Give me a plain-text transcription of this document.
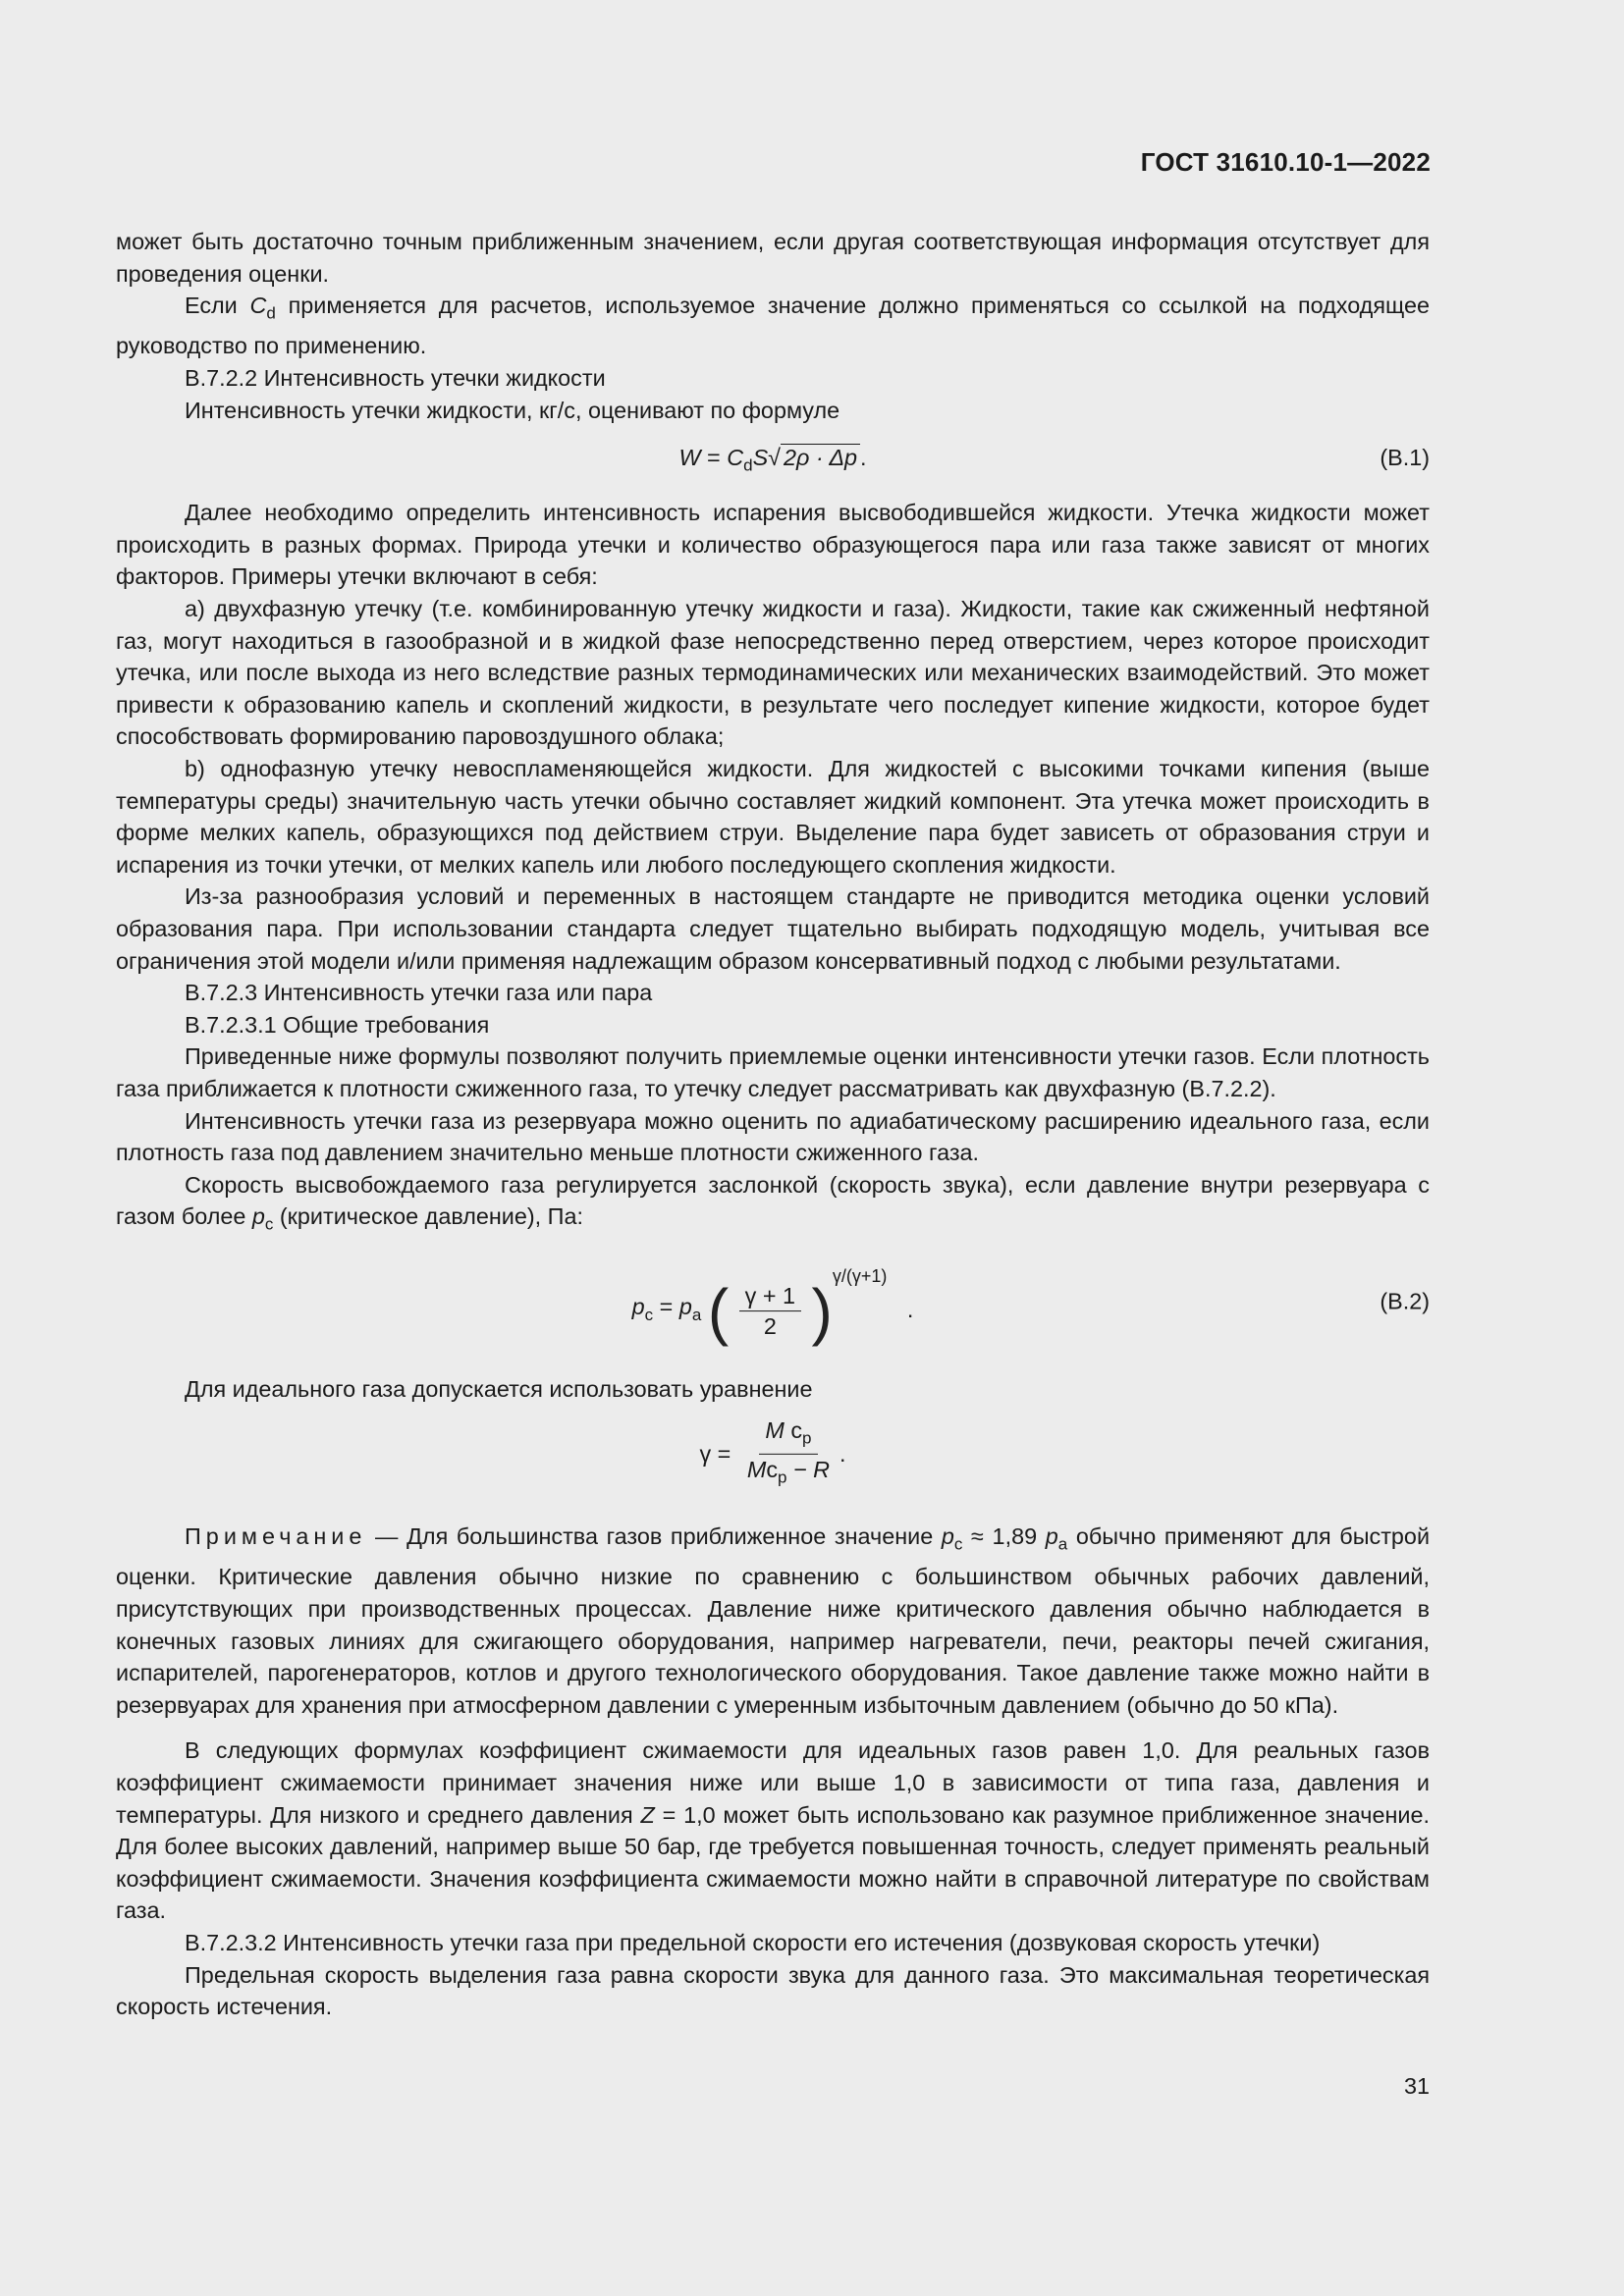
ГОСТ 31610.10-1—2022

может быть достаточно точным приближенным значением, если другая соответствующая информация отсутствует для проведения оценки.

Если $C_d$ применяется для расчетов, используемое значение должно применяться со ссылкой на подходящее руководство по применению.

B.7.2.2 Интенсивность утечки жидкости

Интенсивность утечки жидкости, кг/с, оценивают по формуле

$W = C_dS√$ 2ρ · Δp .	(B.1)

Далее необходимо определить интенсивность испарения высвободившейся жидкости. Утечка жидкости может происходить в разных формах. Природа утечки и количество образующегося пара или газа также зависят от многих факторов. Примеры утечки включают в себя:

a) двухфазную утечку (т.е. комбинированную утечку жидкости и газа). Жидкости, такие как сжиженный нефтяной газ, могут находиться в газообразной и в жидкой фазе непосредственно перед отверстием, через которое происходит утечка, или после выхода из него вследствие разных термодинамических или механических взаимодействий. Это может привести к образованию капель и скоплений жидкости, в результате чего последует кипение жидкости, которое будет способствовать формированию паровоздушного облака;

b) однофазную утечку невоспламеняющейся жидкости. Для жидкостей с высокими точками кипения (выше температуры среды) значительную часть утечки обычно составляет жидкий компонент. Эта утечка может происходить в форме мелких капель, образующихся под действием струи. Выделение пара будет зависеть от образования струи и испарения из точки утечки, от мелких капель или любого последующего скопления жидкости.

Из-за разнообразия условий и переменных в настоящем стандарте не приводится методика оценки условий образования пара. При использовании стандарта следует тщательно выбирать подходящую модель, учитывая все ограничения этой модели и/или применяя надлежащим образом консервативный подход с любыми результатами.

B.7.2.3 Интенсивность утечки газа или пара

B.7.2.3.1 Общие требования

Приведенные ниже формулы позволяют получить приемлемые оценки интенсивности утечки газов. Если плотность газа приближается к плотности сжиженного газа, то утечку следует рассматривать как двухфазную (B.7.2.2).

Интенсивность утечки газа из резервуара можно оценить по адиабатическому расширению идеального газа, если плотность газа под давлением значительно меньше плотности сжиженного газа.

Скорость высвобождаемого газа регулируется заслонкой (скорость звука), если давление внутри резервуара с газом более $p_c$ (критическое давление), Па:

$p_c = p_a$ ( $\frac{\gamma + 1}{2} )^{\gamma/(\gamma+1)}$ .	(B.2)

Для идеального газа допускается использовать уравнение

$\gamma = \frac{M c_p}{Mc_p - R}$ .

Примечание — Для большинства газов приближенное значение $p_c \approx 1,89$ $p_a$ обычно применяют для быстрой оценки. Критические давления обычно низкие по сравнению с большинством обычных рабочих давлений, присутствующих при производственных процессах. Давление ниже критического давления обычно наблюдается в конечных газовых линиях для сжигающего оборудования, например нагреватели, печи, реакторы печей сжигания, испарителей, парогенераторов, котлов и другого технологического оборудования. Такое давление также можно найти в резервуарах для хранения при атмосферном давлении с умеренным избыточным давлением (обычно до 50 кПа).

В следующих формулах коэффициент сжимаемости для идеальных газов равен 1,0. Для реальных газов коэффициент сжимаемости принимает значения ниже или выше 1,0 в зависимости от типа газа, давления и температуры. Для низкого и среднего давления Z = 1,0 может быть использовано как разумное приближенное значение. Для более высоких давлений, например выше 50 бар, где требуется повышенная точность, следует применять реальный коэффициент сжимаемости. Значения коэффициента сжимаемости можно найти в справочной литературе по свойствам газа.

B.7.2.3.2 Интенсивность утечки газа при предельной скорости его истечения (дозвуковая скорость утечки)

Предельная скорость выделения газа равна скорости звука для данного газа. Это максимальная теоретическая скорость истечения.

31
